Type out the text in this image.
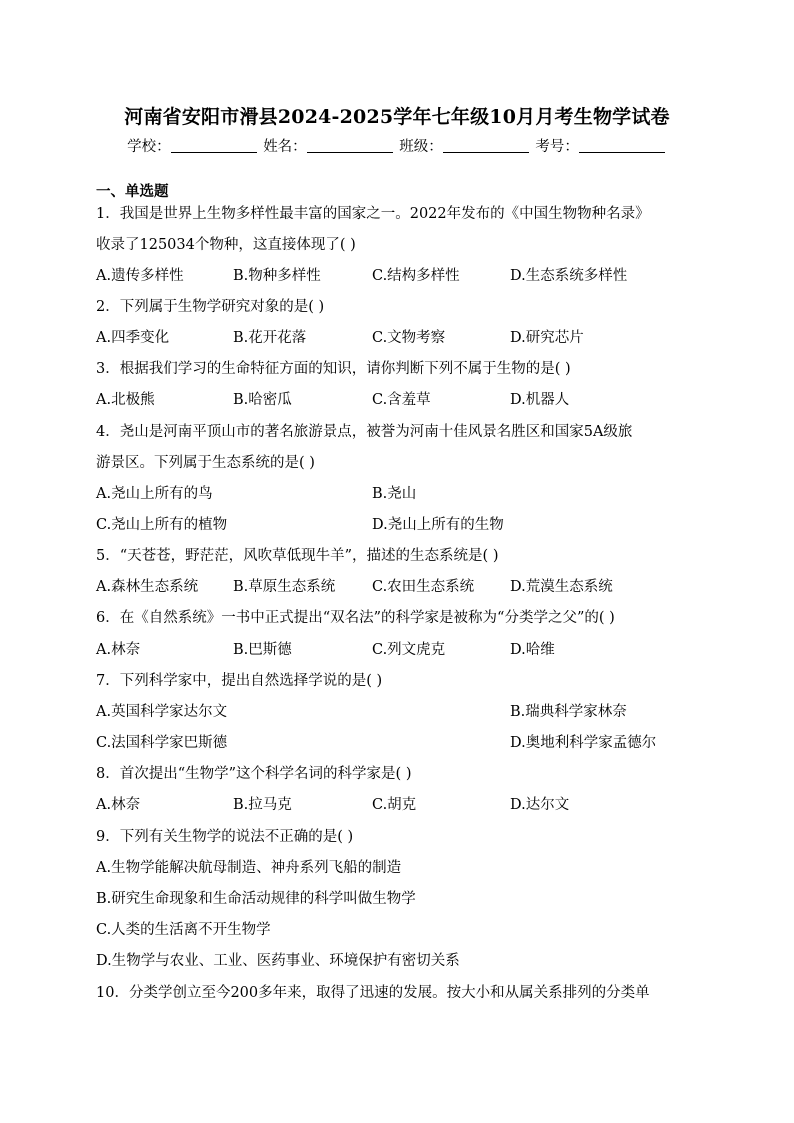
河南省安阳市滑县2024-2025学年七年级10月月考生物学试卷
学校：	姓名：	班级：	考号：
一、单选题
1．我国是世界上生物多样性最丰富的国家之一。2022年发布的《中国生物物种名录》
收录了125034个物种，这直接体现了( )
A.遗传多样性	B.物种多样性	C.结构多样性	D.生态系统多样性
2．下列属于生物学研究对象的是( )
A.四季变化	B.花开花落	C.文物考察	D.研究芯片
3．根据我们学习的生命特征方面的知识，请你判断下列不属于生物的是( )
A.北极熊	B.哈密瓜	C.含羞草	D.机器人
4．尧山是河南平顶山市的著名旅游景点，被誉为河南十佳风景名胜区和国家5A级旅
游景区。下列属于生态系统的是( )
A.尧山上所有的鸟	B.尧山
C.尧山上所有的植物	D.尧山上所有的生物
5．“天苍苍，野茫茫，风吹草低现牛羊”，描述的生态系统是( )
A.森林生态系统 B.草原生态系统	C.农田生态系统 D.荒漠生态系统
6．在《自然系统》一书中正式提出“双名法”的科学家是被称为“分类学之父”的( )
A.林奈	B.巴斯德	C.列文虎克	D.哈维
7．下列科学家中，提出自然选择学说的是( )
A.英国科学家达尔文	B.瑞典科学家林奈
C.法国科学家巴斯德	D.奥地利科学家孟德尔
8．首次提出“生物学”这个科学名词的科学家是( )
A.林奈	B.拉马克	C.胡克	D.达尔文
9．下列有关生物学的说法不正确的是( )
A.生物学能解决航母制造、神舟系列飞船的制造
B.研究生命现象和生命活动规律的科学叫做生物学
C.人类的生活离不开生物学
D.生物学与农业、工业、医药事业、环境保护有密切关系
10．分类学创立至今200多年来，取得了迅速的发展。按大小和从属关系排列的分类单
